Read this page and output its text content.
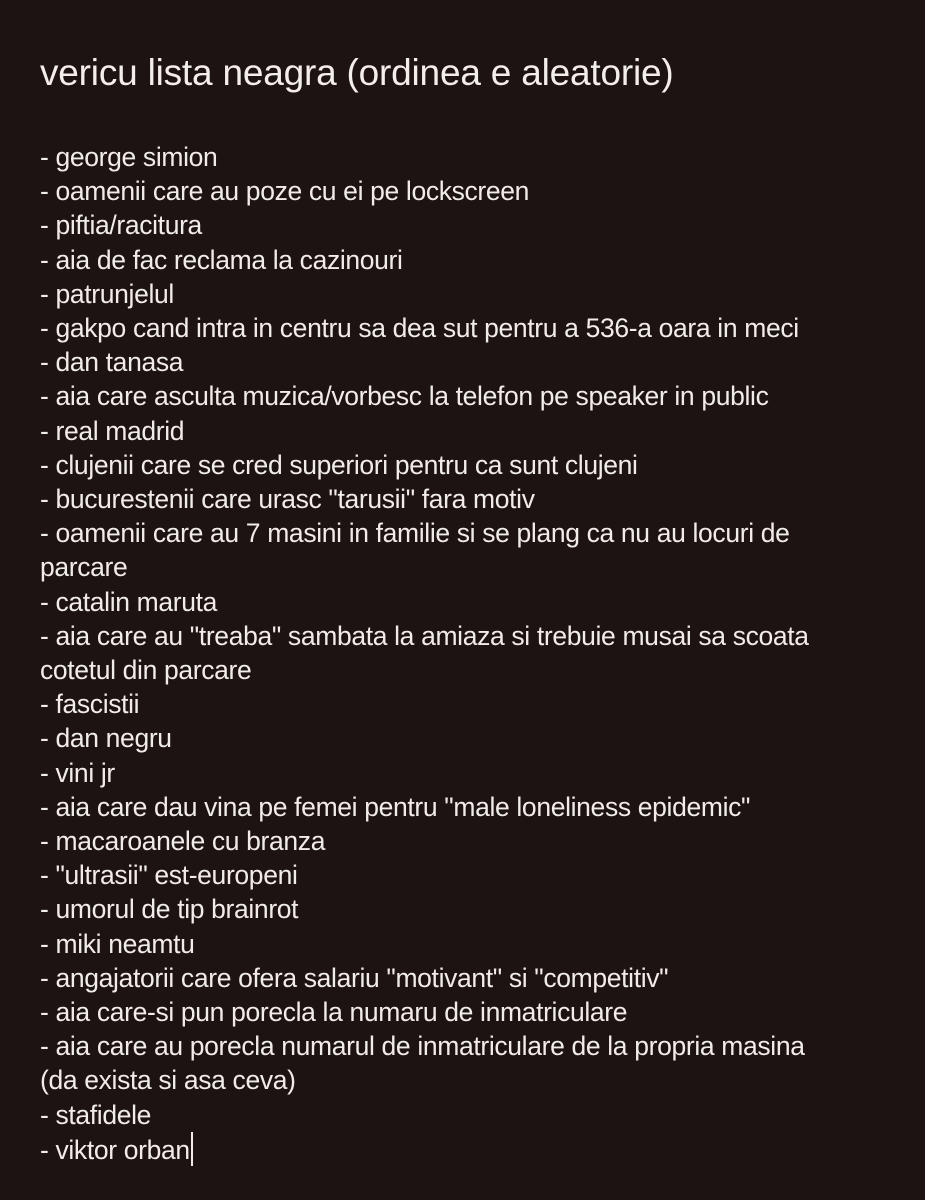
vericu lista neagra (ordinea e aleatorie)
- george simion
- oamenii care au poze cu ei pe lockscreen
- piftia/racitura
- aia de fac reclama la cazinouri
- patrunjelul
- gakpo cand intra in centru sa dea sut pentru a 536-a oara in meci
- dan tanasa
- aia care asculta muzica/vorbesc la telefon pe speaker in public
- real madrid
- clujenii care se cred superiori pentru ca sunt clujeni
- bucurestenii care urasc "tarusii" fara motiv
- oamenii care au 7 masini in familie si se plang ca nu au locuri de
parcare
- catalin maruta
- aia care au "treaba" sambata la amiaza si trebuie musai sa scoata
cotetul din parcare
- fascistii
- dan negru
- vini jr
- aia care dau vina pe femei pentru "male loneliness epidemic"
- macaroanele cu branza
- "ultrasii" est-europeni
- umorul de tip brainrot
- miki neamtu
- angajatorii care ofera salariu "motivant" si "competitiv"
- aia care-si pun porecla la numaru de inmatriculare
- aia care au porecla numarul de inmatriculare de la propria masina
(da exista si asa ceva)
- stafidele
- viktor orban
